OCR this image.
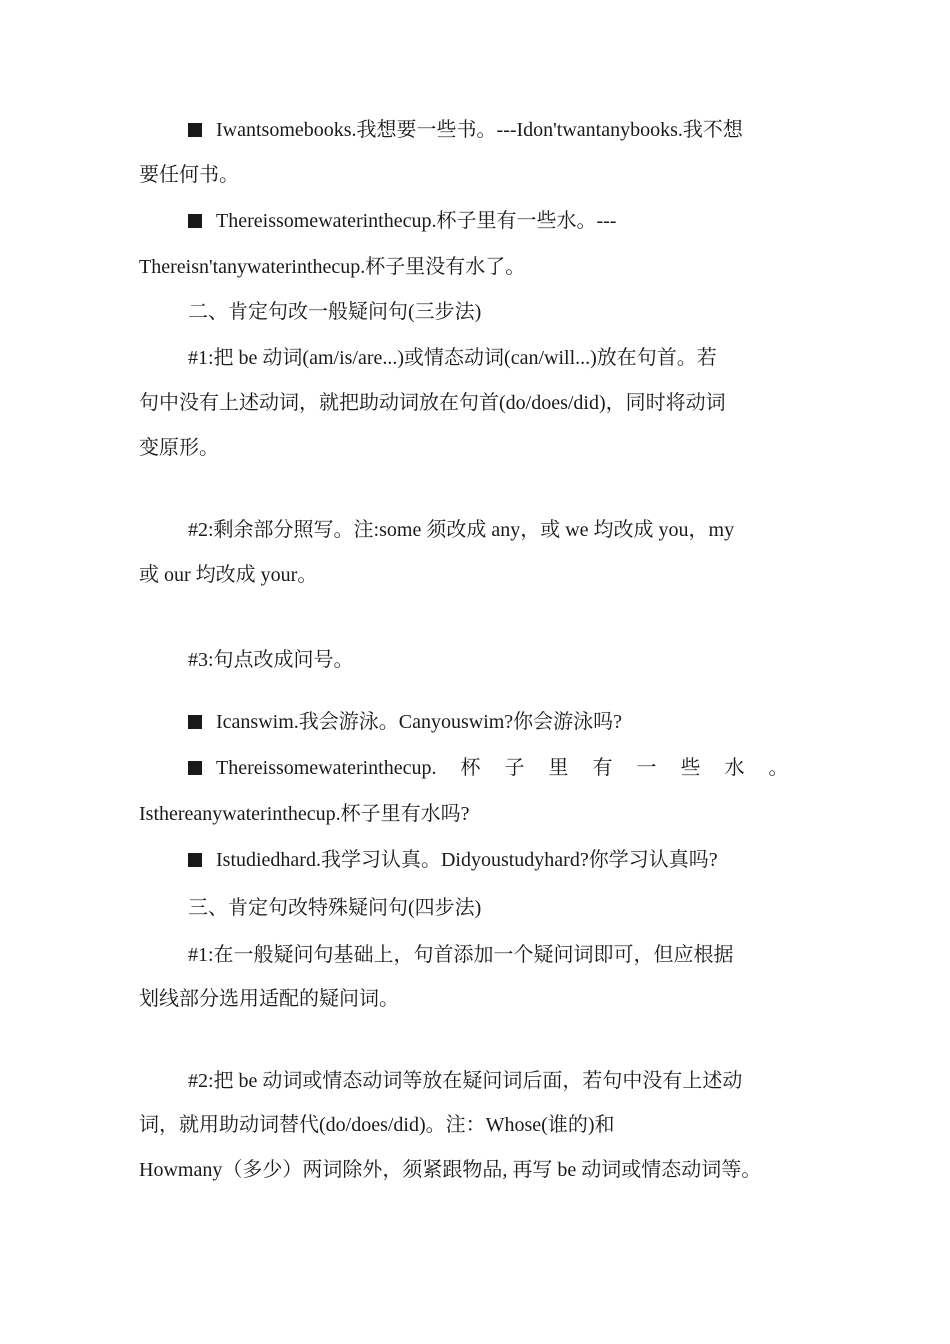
Iwantsomebooks.我想要一些书。---Idon'twantanybooks.我不想
要任何书。
Thereissomewaterinthecup.杯子里有一些水。---
Thereisn'tanywaterinthecup.杯子里没有水了。
二、肯定句改一般疑问句(三步法)
#1:把 be 动词(am/is/are...)或情态动词(can/will...)放在句首。若
句中没有上述动词，就把助动词放在句首(do/does/did)，同时将动词
变原形。
#2:剩余部分照写。注:some 须改成 any，或 we 均改成 you，my
或 our 均改成 your。
#3:句点改成问号。
Icanswim.我会游泳。Canyouswim?你会游泳吗?
Thereissomewaterinthecup. 杯子里有一些水。
Isthereanywaterinthecup.杯子里有水吗?
Istudiedhard.我学习认真。Didyoustudyhard?你学习认真吗?
三、肯定句改特殊疑问句(四步法)
#1:在一般疑问句基础上，句首添加一个疑问词即可，但应根据
划线部分选用适配的疑问词。
#2:把 be 动词或情态动词等放在疑问词后面，若句中没有上述动
词，就用助动词替代(do/does/did)。注：Whose(谁的)和
Howmany（多少）两词除外，须紧跟物品, 再写 be 动词或情态动词等。
